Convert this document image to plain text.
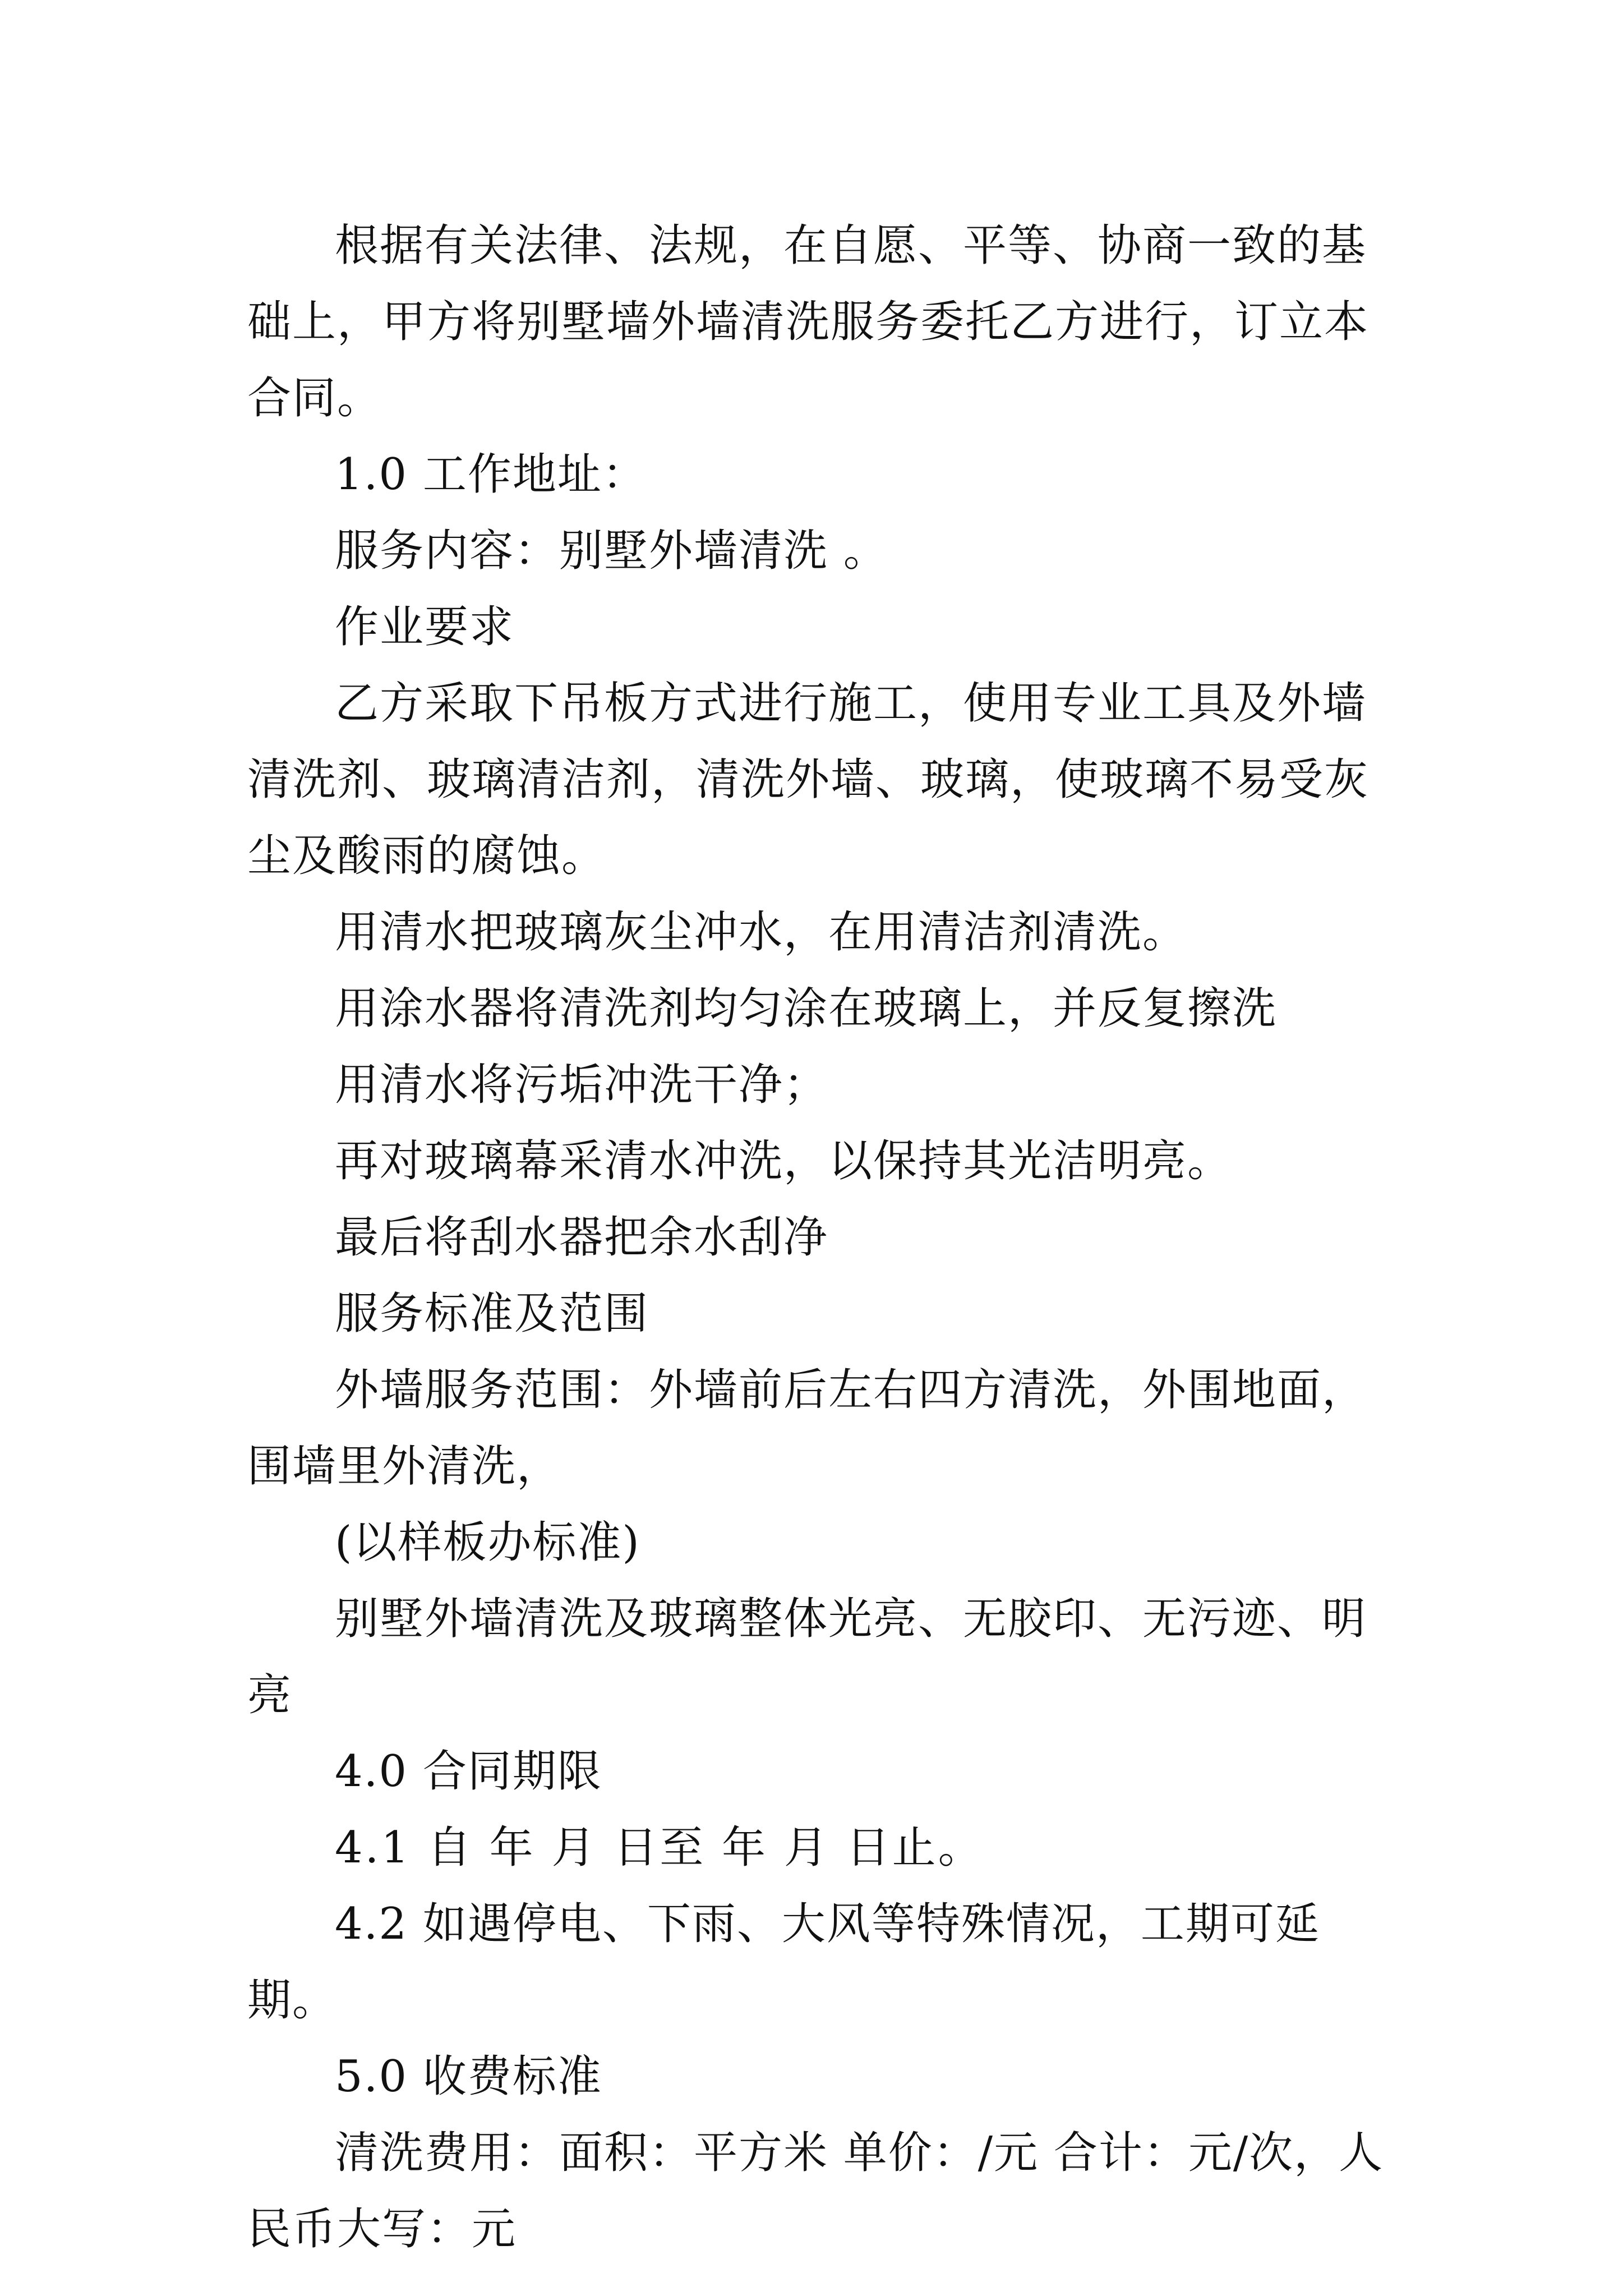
根据有关法律、法规，在自愿、平等、协商一致的基础上，甲方将别墅墙外墙清洗服务委托乙方进行，订立本合同。

1.0 工作地址：

服务内容：别墅外墙清洗 。

作业要求

乙方采取下吊板方式进行施工，使用专业工具及外墙清洗剂、玻璃清洁剂，清洗外墙、玻璃，使玻璃不易受灰尘及酸雨的腐蚀。

用清水把玻璃灰尘冲水，在用清洁剂清洗。

用涂水器将清洗剂均匀涂在玻璃上，并反复擦洗

用清水将污垢冲洗干净；

再对玻璃幕采清水冲洗，以保持其光洁明亮。

最后将刮水器把余水刮净

服务标准及范围

外墙服务范围：外墙前后左右四方清洗，外围地面，围墙里外清洗，

(以样板办标准)

别墅外墙清洗及玻璃整体光亮、无胶印、无污迹、明亮

4.0 合同期限

4.1 自 年 月 日至 年 月 日止。

4.2 如遇停电、下雨、大风等特殊情况，工期可延期。

5.0 收费标准

清洗费用：面积：平方米 单价：/元 合计：元/次，人民币大写：元
